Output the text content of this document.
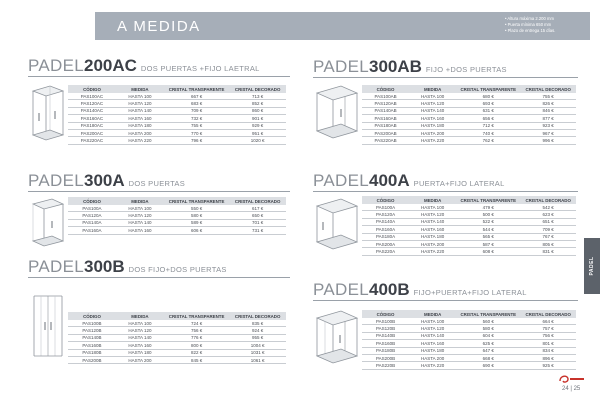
A MEDIDA	• Altura máxima 2.200 mm
• Puerta mínima 650 mm
• Plazo de entrega 15 días.
PADEL200AC DOS PUERTAS +FIJO LAETRAL
CÓDIGO	MEDIDA	CRISTAL TRANSPARENTE	CRISTAL DECORADO
PAS100AC	HASTA 100	667 €	713 €
PAS120AC	HASTA 120	683 €	852 €
PAS140AC	HASTA 140	709 €	860 €
PAS160AC	HASTA 160	732 €	901 €
PAS180AC	HASTA 180	755 €	929 €
PAS200AC	HASTA 200	770 €	951 €
PAS220AC	HASTA 220	796 €	1020 €
PADEL300AB FIJO +DOS PUERTAS
CÓDIGO	MEDIDA	CRISTAL TRANSPARENTE	CRISTAL DECORADO
PAS100AB	HASTA 100	680 €	755 €
PAS120AB	HASTA 120	693 €	826 €
PAS140AB	HASTA 140	631 €	846 €
PAS160AB	HASTA 160	656 €	877 €
PAS180AB	HASTA 180	712 €	923 €
PAS200AB	HASTA 200	740 €	967 €
PAS220AB	HASTA 220	762 €	996 €
PADEL300A DOS PUERTAS
CÓDIGO	MEDIDA	CRISTAL TRANSPARENTE	CRISTAL DECORADO
PAS100A	HASTA 100	550 €	617 €
PAS120A	HASTA 120	580 €	650 €
PAS140A	HASTA 140	589 €	701 €
PAS160A	HASTA 160	606 €	731 €
PADEL400A PUERTA+FIJO LATERAL
CÓDIGO	MEDIDA	CRISTAL TRANSPARENTE	CRISTAL DECORADO
PAS100A	HASTA 100	479 €	542 €
PAS120A	HASTA 120	500 €	623 €
PAS140A	HASTA 140	522 €	651 €
PAS160A	HASTA 160	544 €	709 €
PAS180A	HASTA 180	565 €	767 €
PAS200A	HASTA 200	587 €	805 €
PAS220A	HASTA 220	608 €	831 €
PADEL300B DOS FIJO+DOS PUERTAS
CÓDIGO	MEDIDA	CRISTAL TRANSPARENTE	CRISTAL DECORADO
PAS100B	HASTA 100	724 €	835 €
PAS120B	HASTA 120	756 €	924 €
PAS140B	HASTA 140	776 €	955 €
PAS160B	HASTA 160	800 €	1004 €
PAS180B	HASTA 180	822 €	1031 €
PAS200B	HASTA 200	845 €	1061 €
PADEL400B FIJO+PUERTA+FIJO LATERAL
CÓDIGO	MEDIDA	CRISTAL TRANSPARENTE	CRISTAL DECORADO
PAS100B	HASTA 100	560 €	664 €
PAS120B	HASTA 120	580 €	757 €
PAS140B	HASTA 140	604 €	756 €
PAS160B	HASTA 160	625 €	801 €
PAS180B	HASTA 180	647 €	834 €
PAS200B	HASTA 200	668 €	896 €
PAS220B	HASTA 220	690 €	925 €
PADEL
24 | 25
